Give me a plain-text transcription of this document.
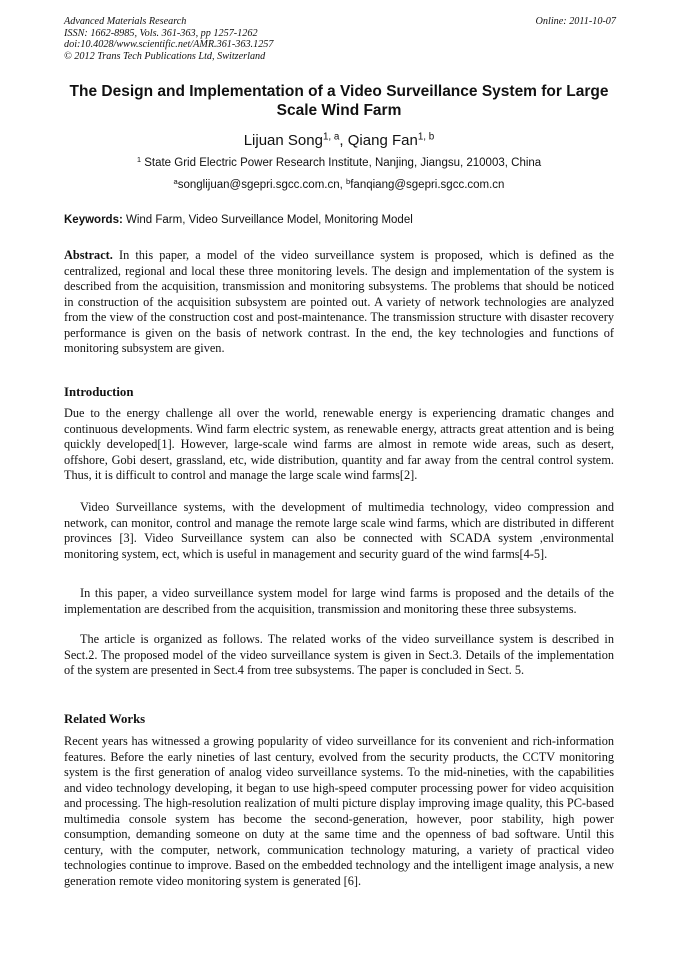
Advanced Materials Research
ISSN: 1662-8985, Vols. 361-363, pp 1257-1262
doi:10.4028/www.scientific.net/AMR.361-363.1257
© 2012 Trans Tech Publications Ltd, Switzerland
Online: 2011-10-07
The Design and Implementation of a Video Surveillance System for Large Scale Wind Farm
Lijuan Song$^{1, a}$, Qiang Fan$^{1, b}$
$^1$ State Grid Electric Power Research Institute, Nanjing, Jiangsu, 210003, China
$^a$songlijuan@sgepri.sgcc.com.cn, $^b$fanqiang@sgepri.sgcc.com.cn
Keywords: Wind Farm, Video Surveillance Model, Monitoring Model
Abstract. In this paper, a model of the video surveillance system is proposed, which is defined as the centralized, regional and local these three monitoring levels. The design and implementation of the system is described from the acquisition, transmission and monitoring subsystems. The problems that should be noticed in construction of the acquisition subsystem are pointed out. A variety of network technologies are analyzed from the view of the construction cost and post-maintenance. The transmission structure with disaster recovery performance is given on the basis of network contrast. In the end, the key technologies and functions of monitoring subsystem are given.
Introduction
Due to the energy challenge all over the world, renewable energy is experiencing dramatic changes and continuous developments. Wind farm electric system, as renewable energy, attracts great attention and is being quickly developed[1]. However, large-scale wind farms are almost in remote wide areas, such as desert, offshore, Gobi desert, grassland, etc, wide distribution, quantity and far away from the central control system. Thus, it is difficult to control and manage the large scale wind farms[2].
Video Surveillance systems, with the development of multimedia technology, video compression and network, can monitor, control and manage the remote large scale wind farms, which are distributed in different provinces [3]. Video Surveillance system can also be connected with SCADA system ,environmental monitoring system, ect, which is useful in management and security guard of the wind farms[4-5].
In this paper, a video surveillance system model for large wind farms is proposed and the details of the implementation are described from the acquisition, transmission and monitoring these three subsystems.
The article is organized as follows. The related works of the video surveillance system is described in Sect.2. The proposed model of the video surveillance system is given in Sect.3. Details of the implementation of the system are presented in Sect.4 from tree subsystems. The paper is concluded in Sect. 5.
Related Works
Recent years has witnessed a growing popularity of video surveillance for its convenient and rich-information features. Before the early nineties of last century, evolved from the security products, the CCTV monitoring system is the first generation of analog video surveillance systems. To the mid-nineties, with the capabilities and video technology developing, it began to use high-speed computer processing power for video acquisition and processing. The high-resolution realization of multi picture display improving image quality, this PC-based multimedia console system has become the second-generation, however, poor stability, high power consumption, demanding someone on duty at the same time and the openness of bad software. Until this century, with the computer, network, communication technology maturing, a variety of practical video technologies continue to improve. Based on the embedded technology and the intelligent image analysis, a new generation remote video monitoring system is generated [6].
